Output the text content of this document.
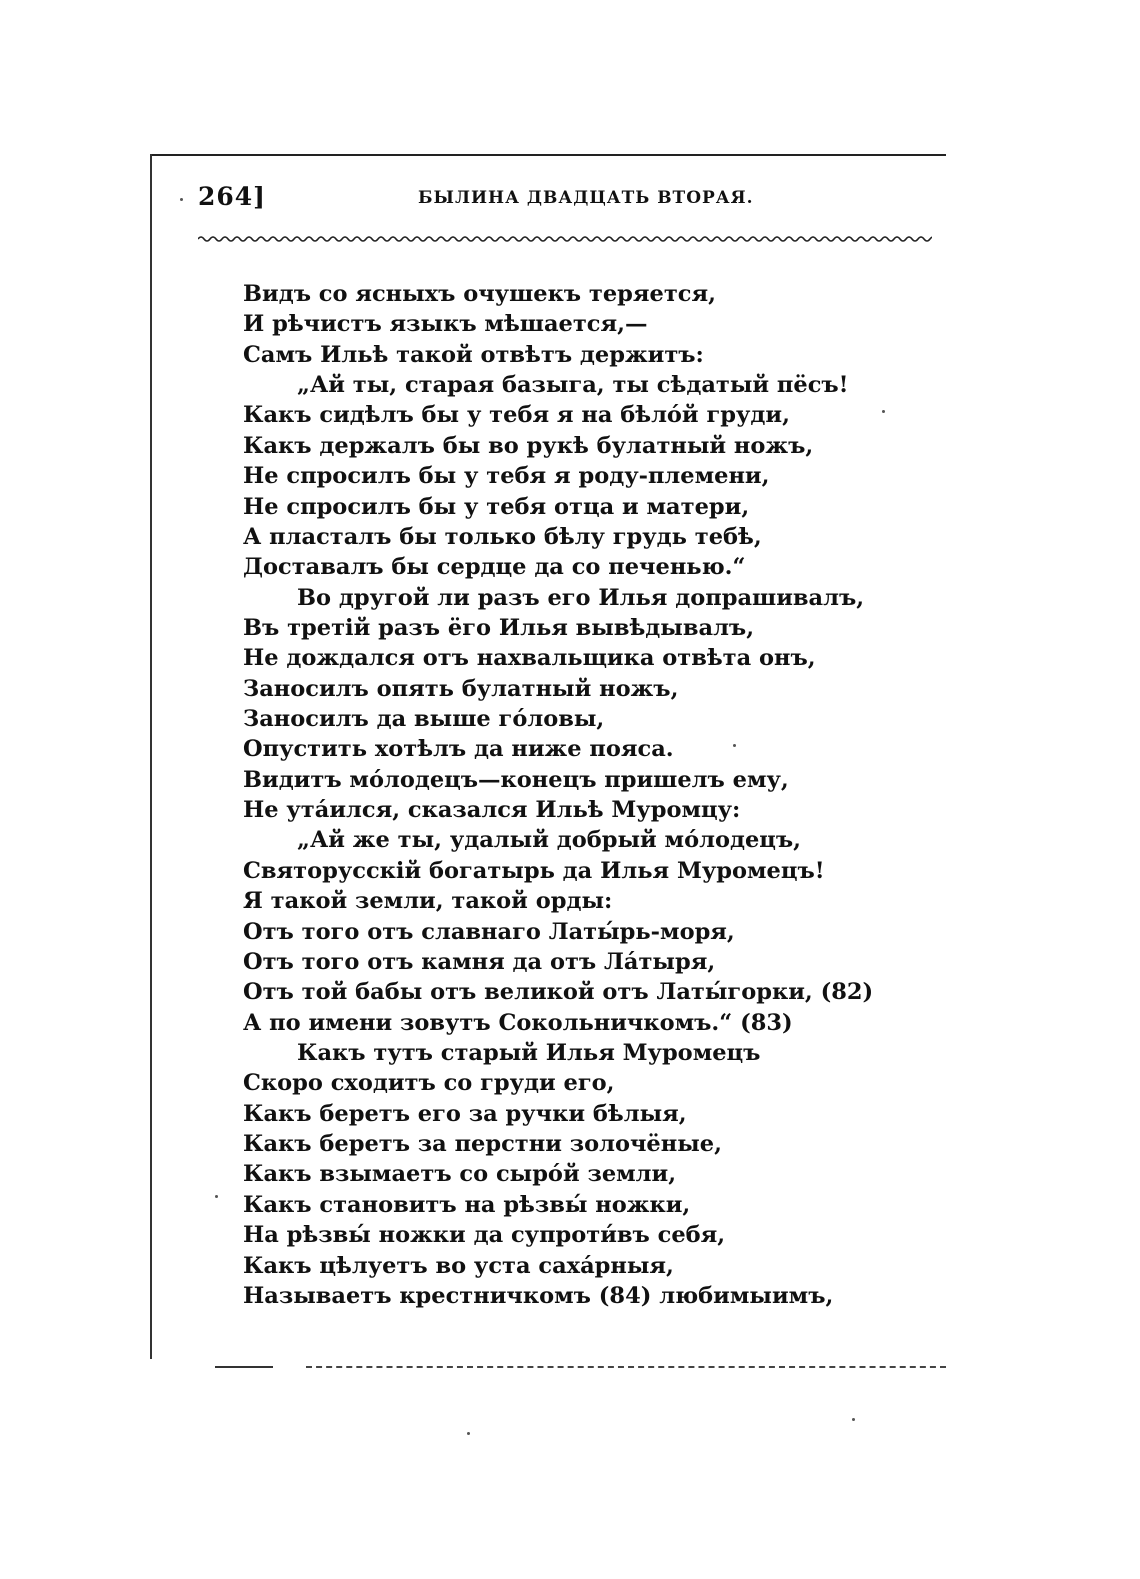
264]	БЫЛИНА ДВАДЦАТЬ ВТОРАЯ.
Видъ со ясныхъ очушекъ теряется,
И рѣчистъ языкъ мѣшается,—
Самъ Ильѣ такой отвѣтъ держитъ:
„Ай ты, старая базыга, ты сѣдатый пёсъ!
Какъ сидѣлъ бы у тебя я на бѣлóй груди,
Какъ держалъ бы во рукѣ булатный ножъ,
Не спросилъ бы у тебя я роду-племени,
Не спросилъ бы у тебя отца и матери,
А пласталъ бы только бѣлу грудь тебѣ,
Доставалъ бы сердце да со печенью.“
Во другой ли разъ его Илья допрашивалъ,
Въ третій разъ ёго Илья вывѣдывалъ,
Не дождался отъ нахвальщика отвѣта онъ,
Заносилъ опять булатный ножъ,
Заносилъ да выше гóловы,
Опустить хотѣлъ да ниже пояса.
Видитъ мóлодецъ—конецъ пришелъ ему,
Не утáился, сказался Ильѣ Муромцу:
„Ай же ты, удалый добрый мóлодецъ,
Святорусскій богатырь да Илья Муромецъ!
Я такой земли, такой орды:
Отъ того отъ славнаго Латы́рь-моря,
Отъ того отъ камня да отъ Лáтыря,
Отъ той бабы отъ великой отъ Латы́горки, (82)
А по имени зовутъ Сокольничкомъ.“ (83)
Какъ тутъ старый Илья Муромецъ
Скоро сходитъ со груди его,
Какъ беретъ его за ручки бѣлыя,
Какъ беретъ за перстни золочёные,
Какъ взымаетъ со сырóй земли,
Какъ становитъ на рѣзвы́ ножки,
На рѣзвы́ ножки да супроти́въ себя,
Какъ цѣлуетъ во уста сахáрныя,
Называетъ крестничкомъ (84) любимыимъ,
